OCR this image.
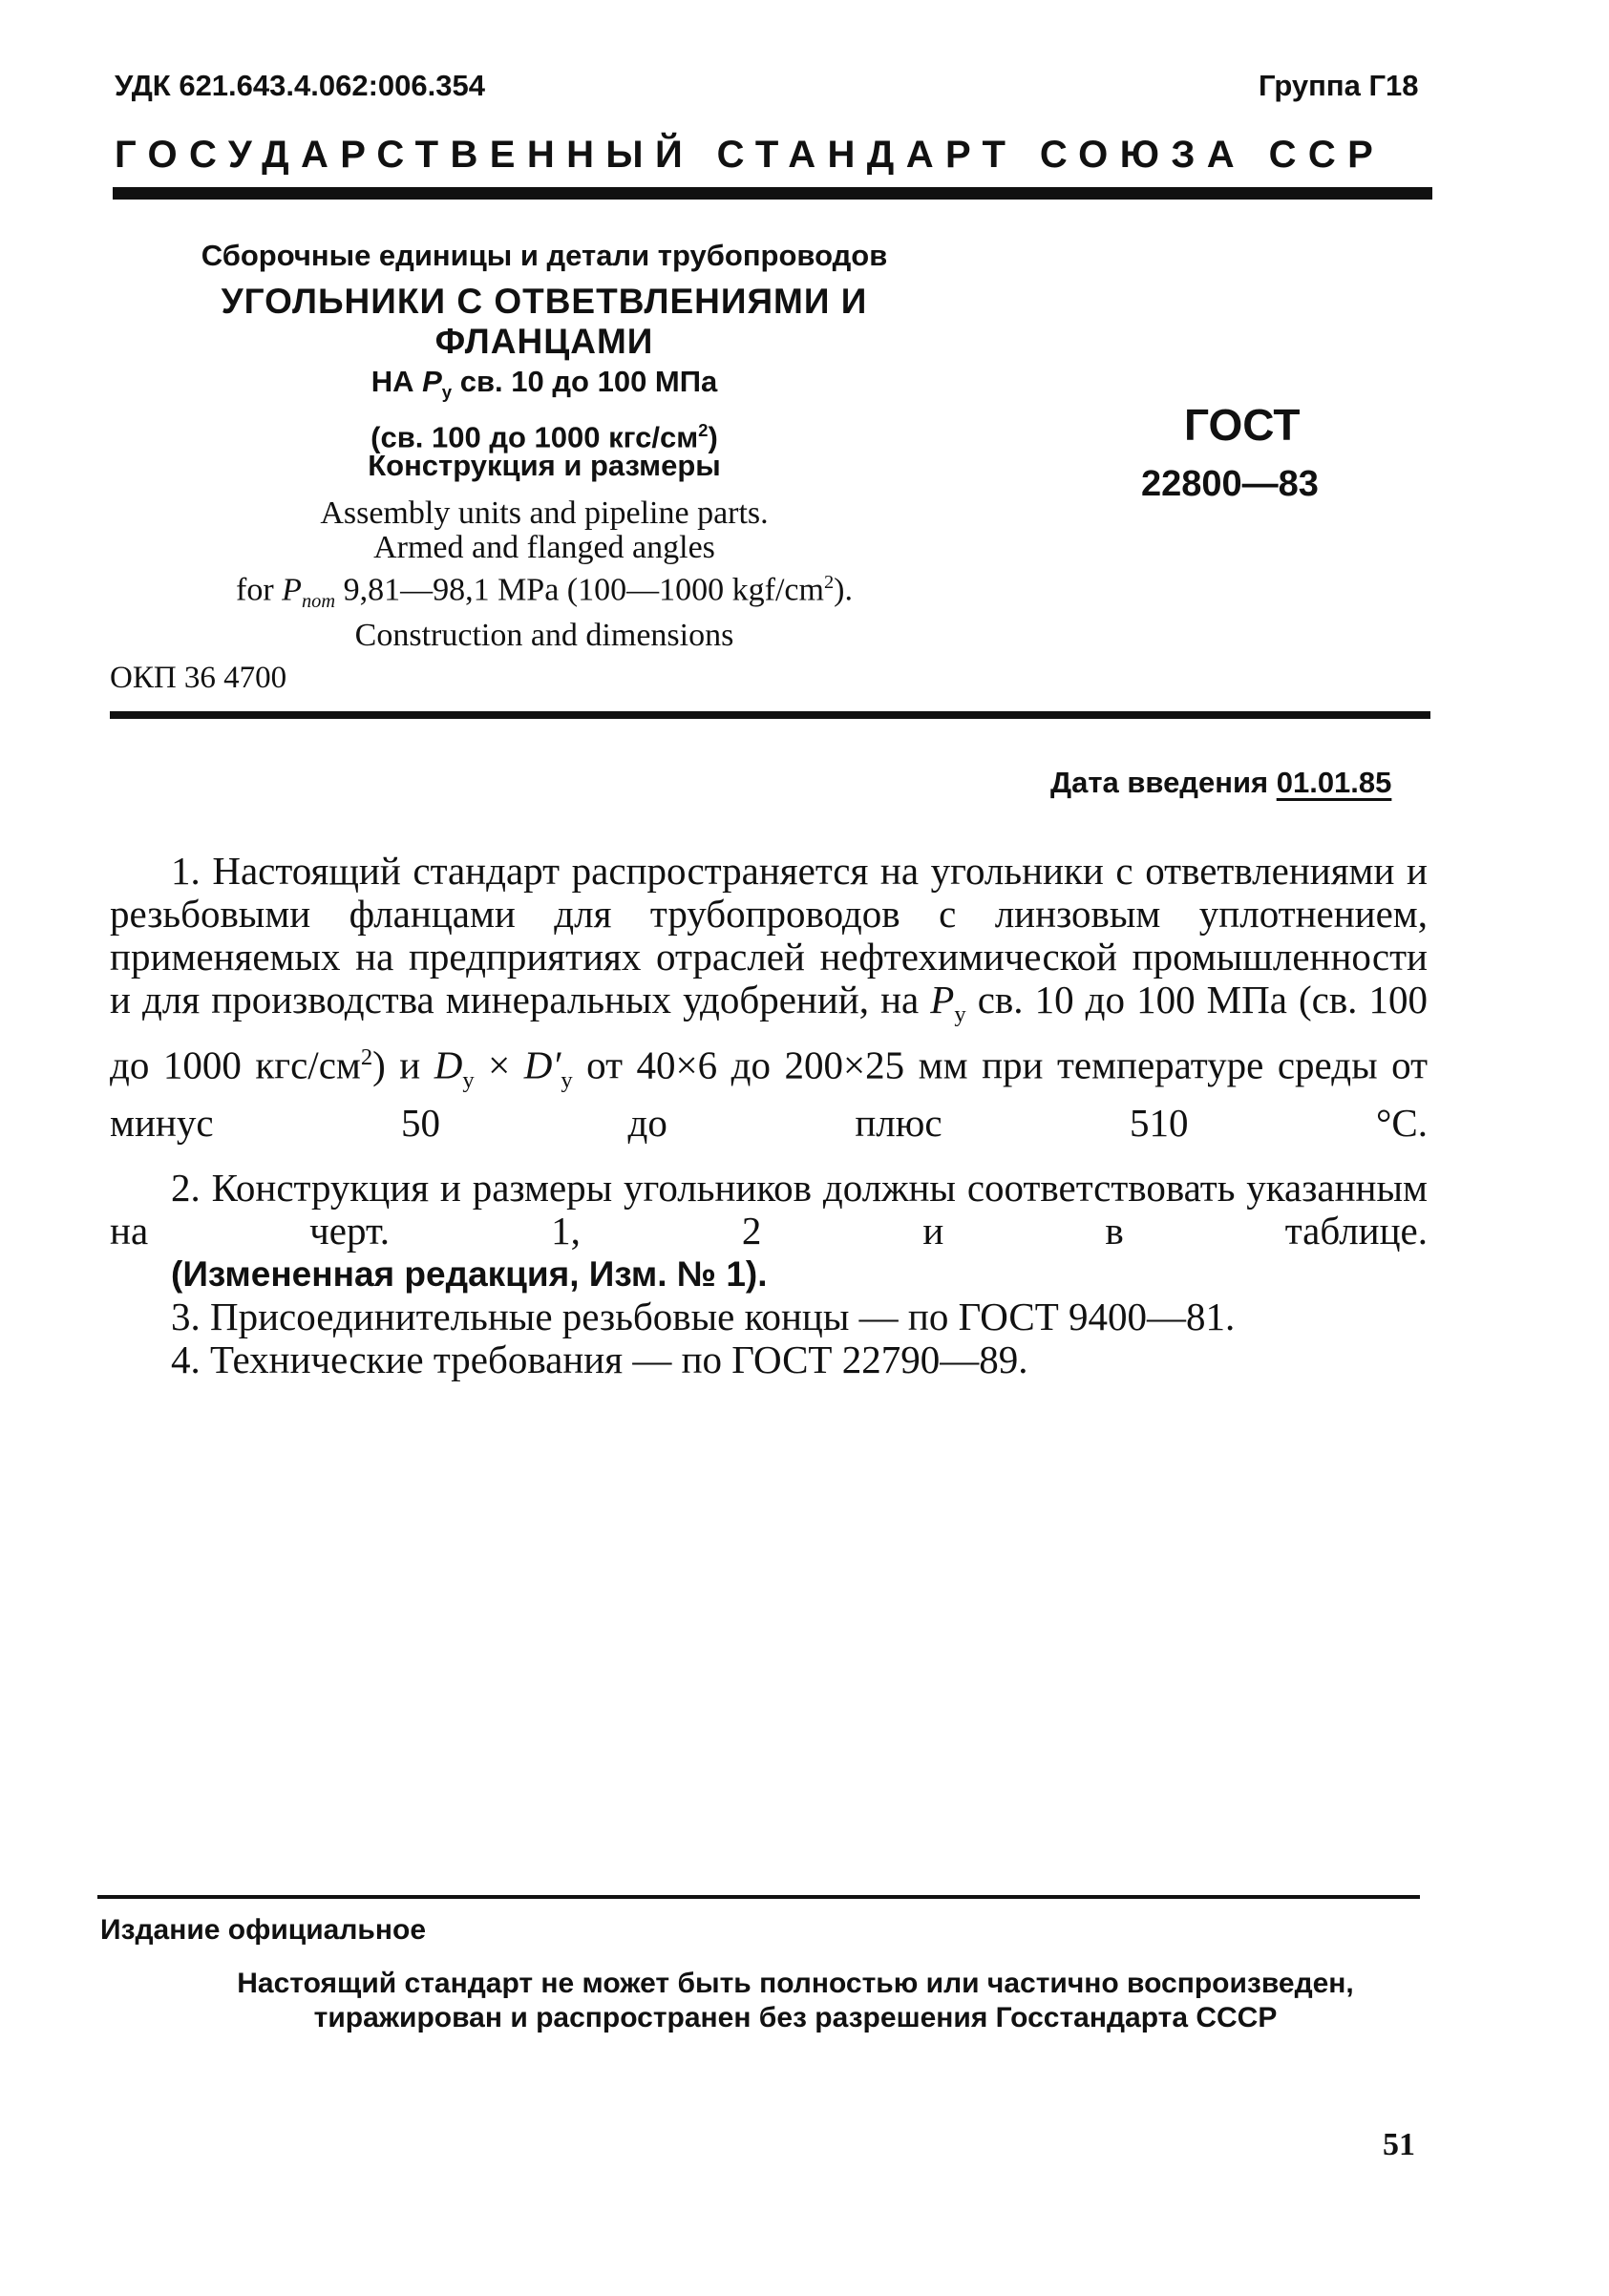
УДК 621.643.4.062:006.354	Группа Г18
ГОСУДАРСТВЕННЫЙ СТАНДАРТ СОЮЗА ССР
Сборочные единицы и детали трубопроводов
УГОЛЬНИКИ С ОТВЕТВЛЕНИЯМИ И
ФЛАНЦАМИ
НА $P_у$ св. 10 до 100 МПа
(св. 100 до 1000 кгс/$см^2$)
Конструкция и размеры
Assembly units and pipeline parts.
Armed and flanged angles
for $P_{nom}$ 9,81—98,1 MPa (100—1000 kgf/$cm^2$).
Construction and dimensions
ГОСТ
22800—83
ОКП 36 4700
Дата введения 01.01.85

1. Настоящий стандарт распространяется на угольники с ответвлениями и резьбовыми фланцами для трубопроводов с линзовым уплотнением, применяемых на предприятиях отраслей нефтехимической промышленности и для производства минеральных удобрений, на $P_у$ св. 10 до 100 МПа (св. 100 до 1000 кгс/$см^2$) и $D_у \times D'_у$ от 40×6 до 200×25 мм при температуре среды от минус 50 до плюс 510 °С.

2. Конструкция и размеры угольников должны соответствовать указанным на черт. 1, 2 и в таблице.

(Измененная редакция, Изм. № 1).

3. Присоединительные резьбовые концы — по ГОСТ 9400—81.

4. Технические требования — по ГОСТ 22790—89.

Издание официальное
Настоящий стандарт не может быть полностью или частично воспроизведен, тиражирован и распространен без разрешения Госстандарта СССР
51
